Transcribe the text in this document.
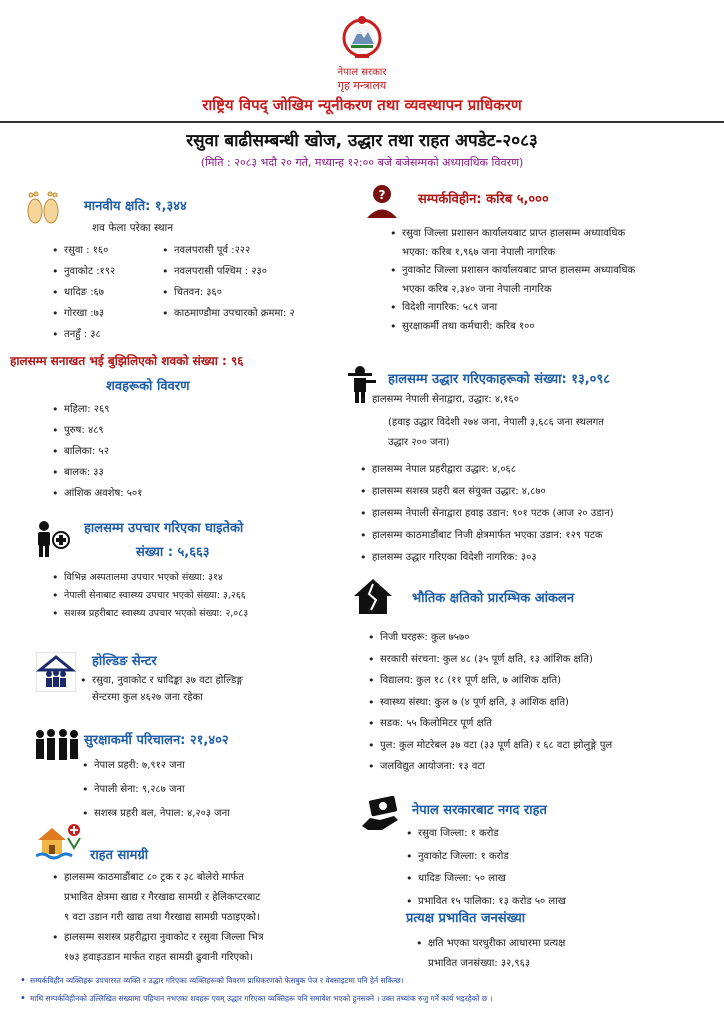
नेपाल सरकार
गृह मन्त्रालय
राष्ट्रिय विपद् जोखिम न्यूनीकरण तथा व्यवस्थापन प्राधिकरण
रसुवा बाढीसम्बन्धी खोज, उद्धार तथा राहत अपडेट-२०८३
(मिति : २०८३ भदौ २० गते, मध्यान्ह १२:०० बजे बजेसम्मको अध्यावधिक विवरण)
मानवीय क्षति: १,३४४
शव फेला परेका स्थान
• रसुवा : १६०
• नुवाकोट :१९२
• धादिङ :६७
• गोरखा :७३
• तनहुँ : ३८
• नवलपरासी पूर्व :२२२
• नवलपरासी पश्चिम : २३०
• चितवन: ३६०
• काठमाण्डौमा उपचारको क्रममा: २
हालसम्म सनाखत भई बुझिलिएको शवको संख्या : ९६
शवहरूको विवरण
• महिला: २६९
• पुरुष: ४८९
• बालिका: ५२
• बालक: ३३
• आंशिक अवशेष: ५०१
हालसम्म उपचार गरिएका घाइतेको
संख्या : ५,६६३
• विभिन्न अस्पतालमा उपचार भएको संख्या: ३१४
• नेपाली सेनाबाट स्वास्थ्य उपचार भएको संख्या: ३,२६६
• सशस्त्र प्रहरीबाट स्वास्थ्य उपचार भएको संख्या: २,०८३
होल्डिङ सेन्टर
• रसुवा, नुवाकोट र धादिङ्का ३७ वटा होल्डिङ्ग
सेन्टरमा कुल ४६२७ जना रहेका
सुरक्षाकर्मी परिचालन: २१,४०२
• नेपाल प्रहरी: ७,९१२ जना
• नेपाली सेना: ९,२८७ जना
• सशस्त्र प्रहरी बल, नेपाल: ४,२०३ जना
राहत सामग्री
• हालसम्म काठमाडौंबाट ८० ट्रक र ३८ बोलेरो मार्फत
प्रभावित क्षेत्रमा खाद्य र गैरखाद्य सामग्री र हेलिकप्टरबाट
९ वटा उडान गरी खाद्य तथा गैरखाद्य सामग्री पठाइएको।
• हालसम्म सशस्त्र प्रहरीद्वारा नुवाकोट र रसुवा जिल्ला भित्र
१७३ हवाइउडान मार्फत राहत सामग्री ढुवानी गरिएको।
?	सम्पर्कविहीन: करिब ५,०००
• रसुवा जिल्ला प्रशासन कार्यालयबाट प्राप्त हालसम्म अध्यावधिक
भएका: करिब १,९६७ जना नेपाली नागरिक
• नुवाकोट जिल्ला प्रशासन कार्यालयबाट प्राप्त हालसम्म अध्यावधिक
भएका करिब २,३४० जना नेपाली नागरिक
• विदेशी नागरिक: ५८९ जना
• सुरक्षाकर्मी तथा कर्मचारी: करिब १००
हालसम्म उद्धार गरिएकाहरूको संख्या: १३,०९८
• हालसम्म नेपाली सेनाद्वारा, उद्धार: ४,१६०
(हवाइ उद्धार विदेशी २७४ जना, नेपाली ३,६८६ जना स्थलगत
उद्धार २०० जना)
• हालसम्म नेपाल प्रहरीद्वारा उद्धार: ४,०६८
• हालसम्म सशस्त्र प्रहरी बल संयुक्त उद्धार: ४,८७०
• हालसम्म नेपाली सेनाद्वारा हवाइ उडान: ९०१ पटक (आज २० उडान)
• हालसम्म काठमाडौंबाट निजी क्षेत्रमार्फत भएका उडान: १२९ पटक
• हालसम्म उद्धार गरिएका विदेशी नागरिक: ३०३
भौतिक क्षतिको प्रारम्भिक आंकलन
• निजी घरहरू: कुल ७५७०
• सरकारी संरचना: कुल ४८ (३५ पूर्ण क्षति, १३ आंशिक क्षति)
• विद्यालय: कुल १८ (११ पूर्ण क्षति, ७ आंशिक क्षति)
• स्वास्थ्य संस्था: कुल ७ (४ पूर्ण क्षति, ३ आंशिक क्षति)
• सडक: ५५ किलोमिटर पूर्ण क्षति
• पुल: कुल मोटरेबल ३७ वटा (३३ पूर्ण क्षति) र ६८ वटा झोलुङ्गे पुल
• जलविद्युत आयोजना: १३ वटा
नेपाल सरकारबाट नगद राहत
• रसुवा जिल्ला: १ करोड
• नुवाकोट जिल्ला: १ करोड
• धादिङ जिल्ला: ५० लाख
• प्रभावित १५ पालिका: १३ करोड ५० लाख
प्रत्यक्ष प्रभावित जनसंख्या
• क्षति भएका घरधुरीका आधारमा प्रत्यक्ष
प्रभावित जनसंख्या: ३२,९६३
• सम्पर्कविहीन व्यक्तिहरू उपचाररत व्यक्ति र उद्धार गरिएका व्यक्तिहरूको विवरण प्राधिकरणको फेसबुक पेज र वेबसाइटमा पनि हेर्न सकिन्छ।
• माथि सम्पर्कविहीनको उल्लिखित संख्यामा पहिचान नभएका शवहरू एवम् उद्धार गरिएका व्यक्तिहरू पनि समावेश भएको हुनसक्ने । उक्त तथ्यांक रुजु गर्ने कार्य भइरहेको छ ।
